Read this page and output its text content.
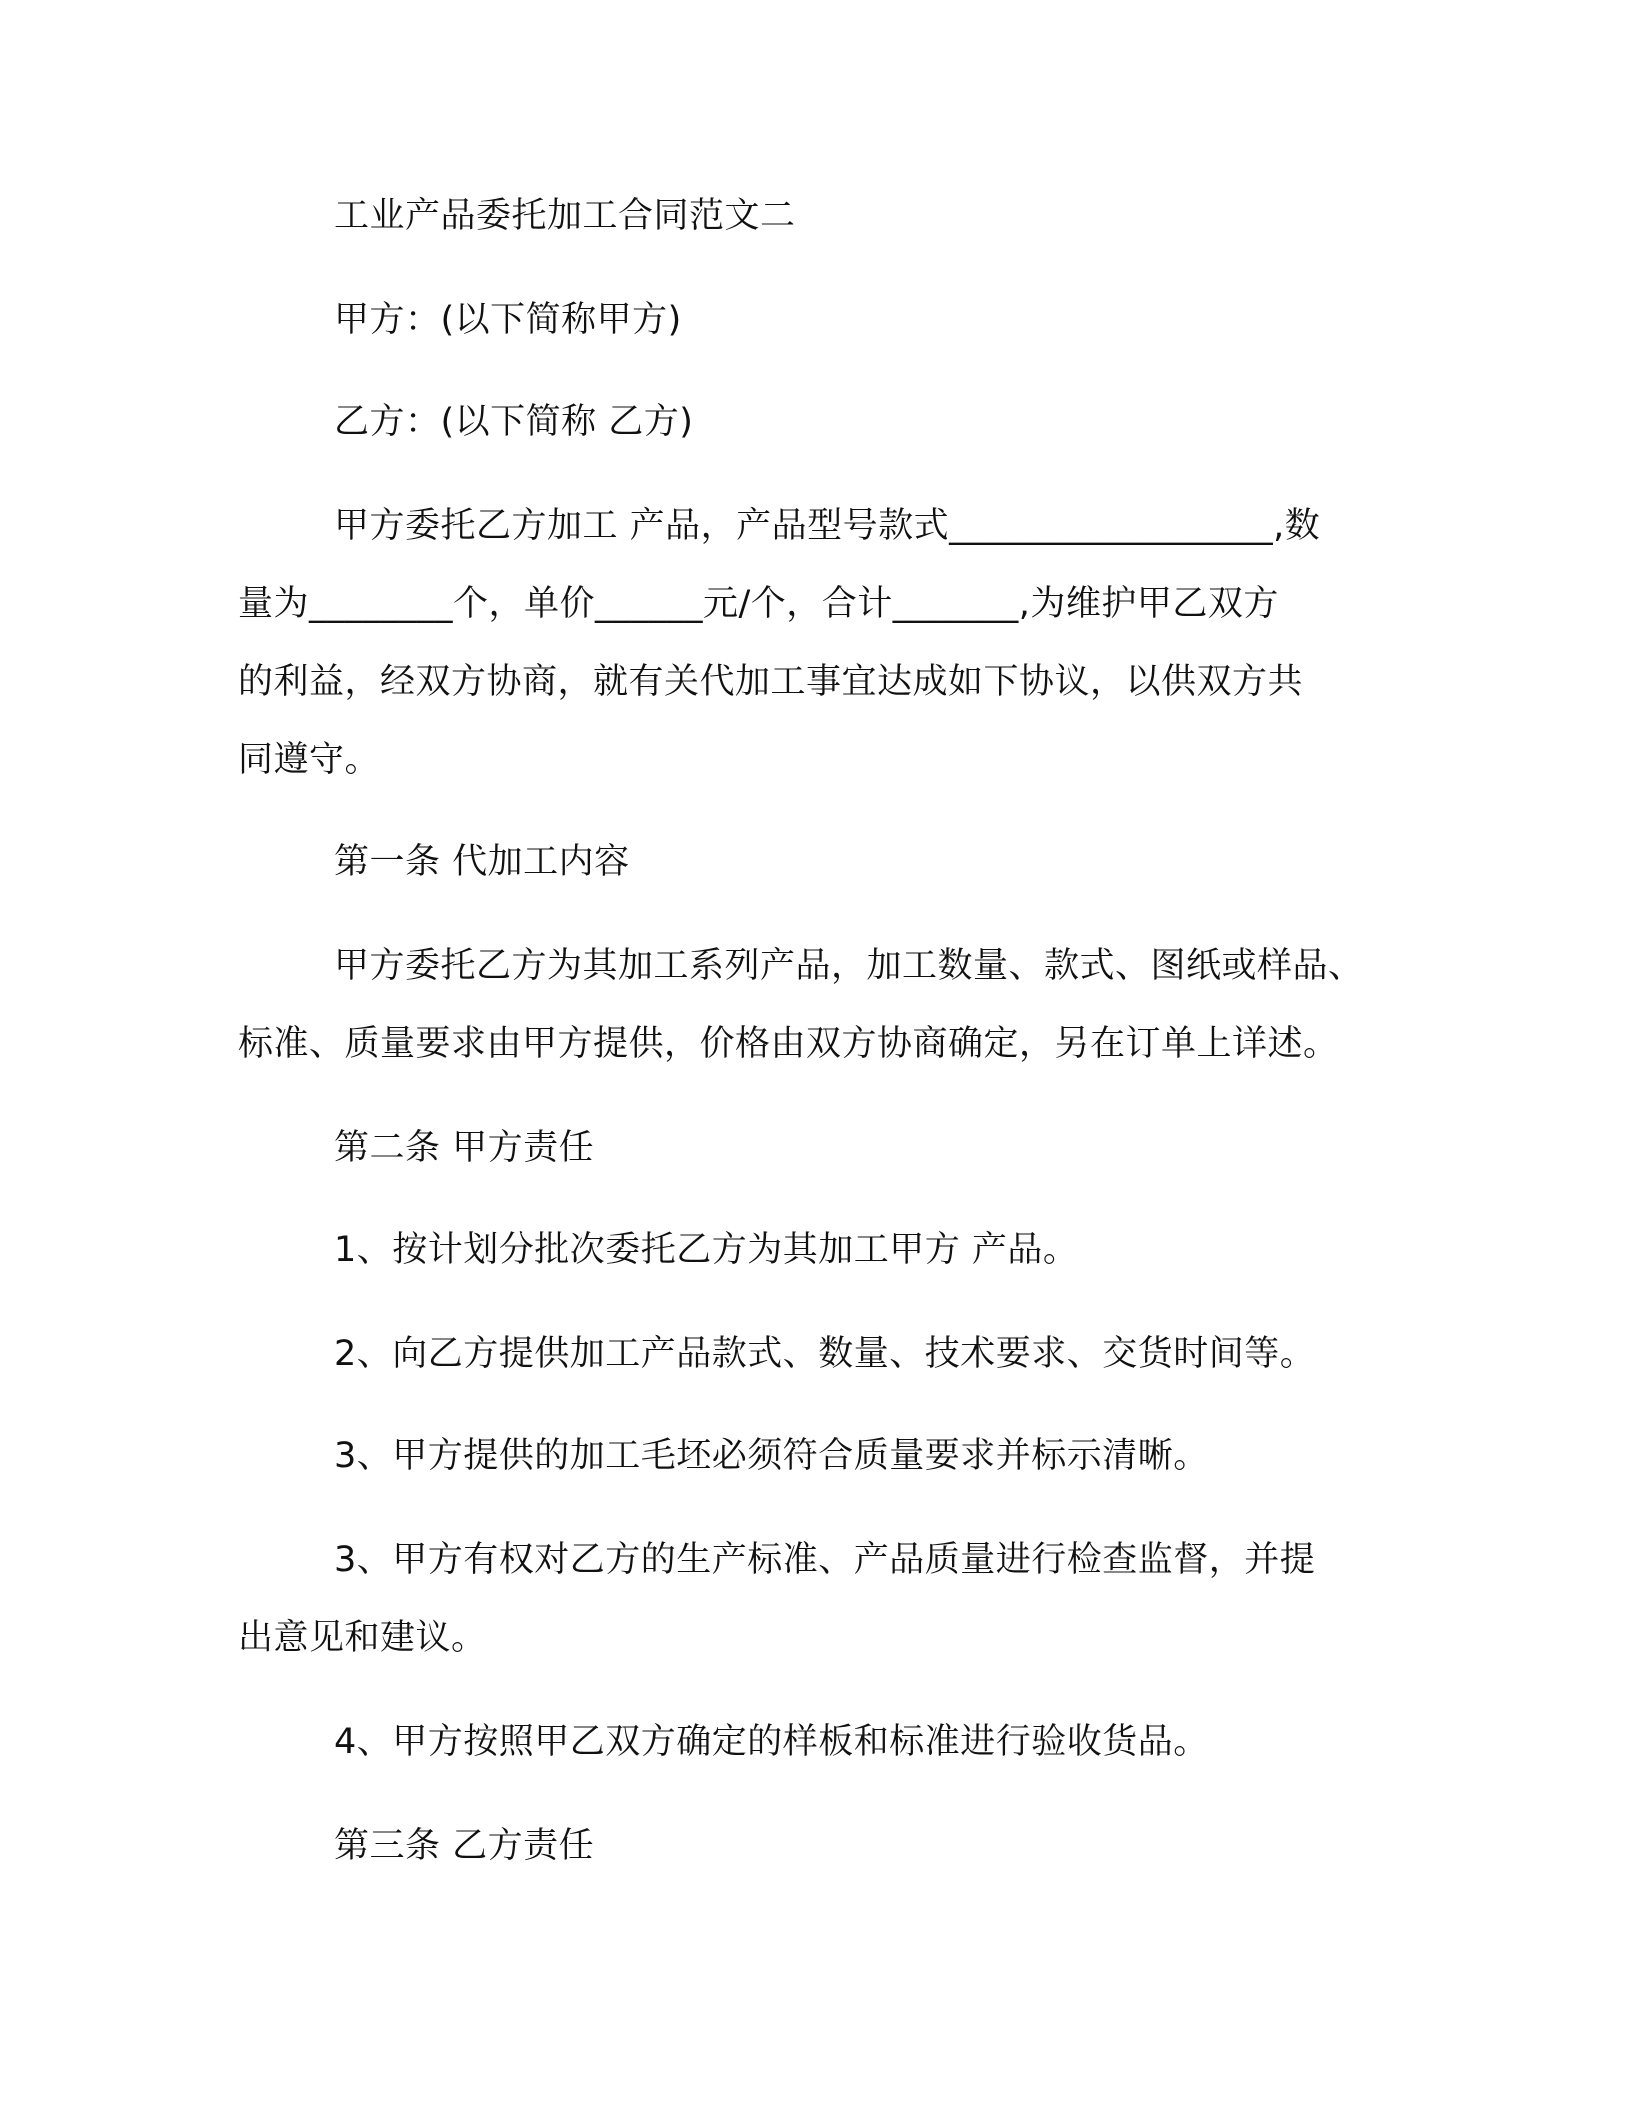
工业产品委托加工合同范文二

甲方：(以下简称甲方)

乙方：(以下简称 乙方)

甲方委托乙方加工 产品，产品型号款式__________________,数

量为________个，单价______元/个，合计_______,为维护甲乙双方

的利益，经双方协商，就有关代加工事宜达成如下协议，以供双方共

同遵守。

第一条 代加工内容

甲方委托乙方为其加工系列产品，加工数量、款式、图纸或样品、

标准、质量要求由甲方提供，价格由双方协商确定，另在订单上详述。

第二条 甲方责任

1、按计划分批次委托乙方为其加工甲方 产品。

2、向乙方提供加工产品款式、数量、技术要求、交货时间等。

3、甲方提供的加工毛坯必须符合质量要求并标示清晰。

3、甲方有权对乙方的生产标准、产品质量进行检查监督，并提

出意见和建议。

4、甲方按照甲乙双方确定的样板和标准进行验收货品。

第三条 乙方责任
